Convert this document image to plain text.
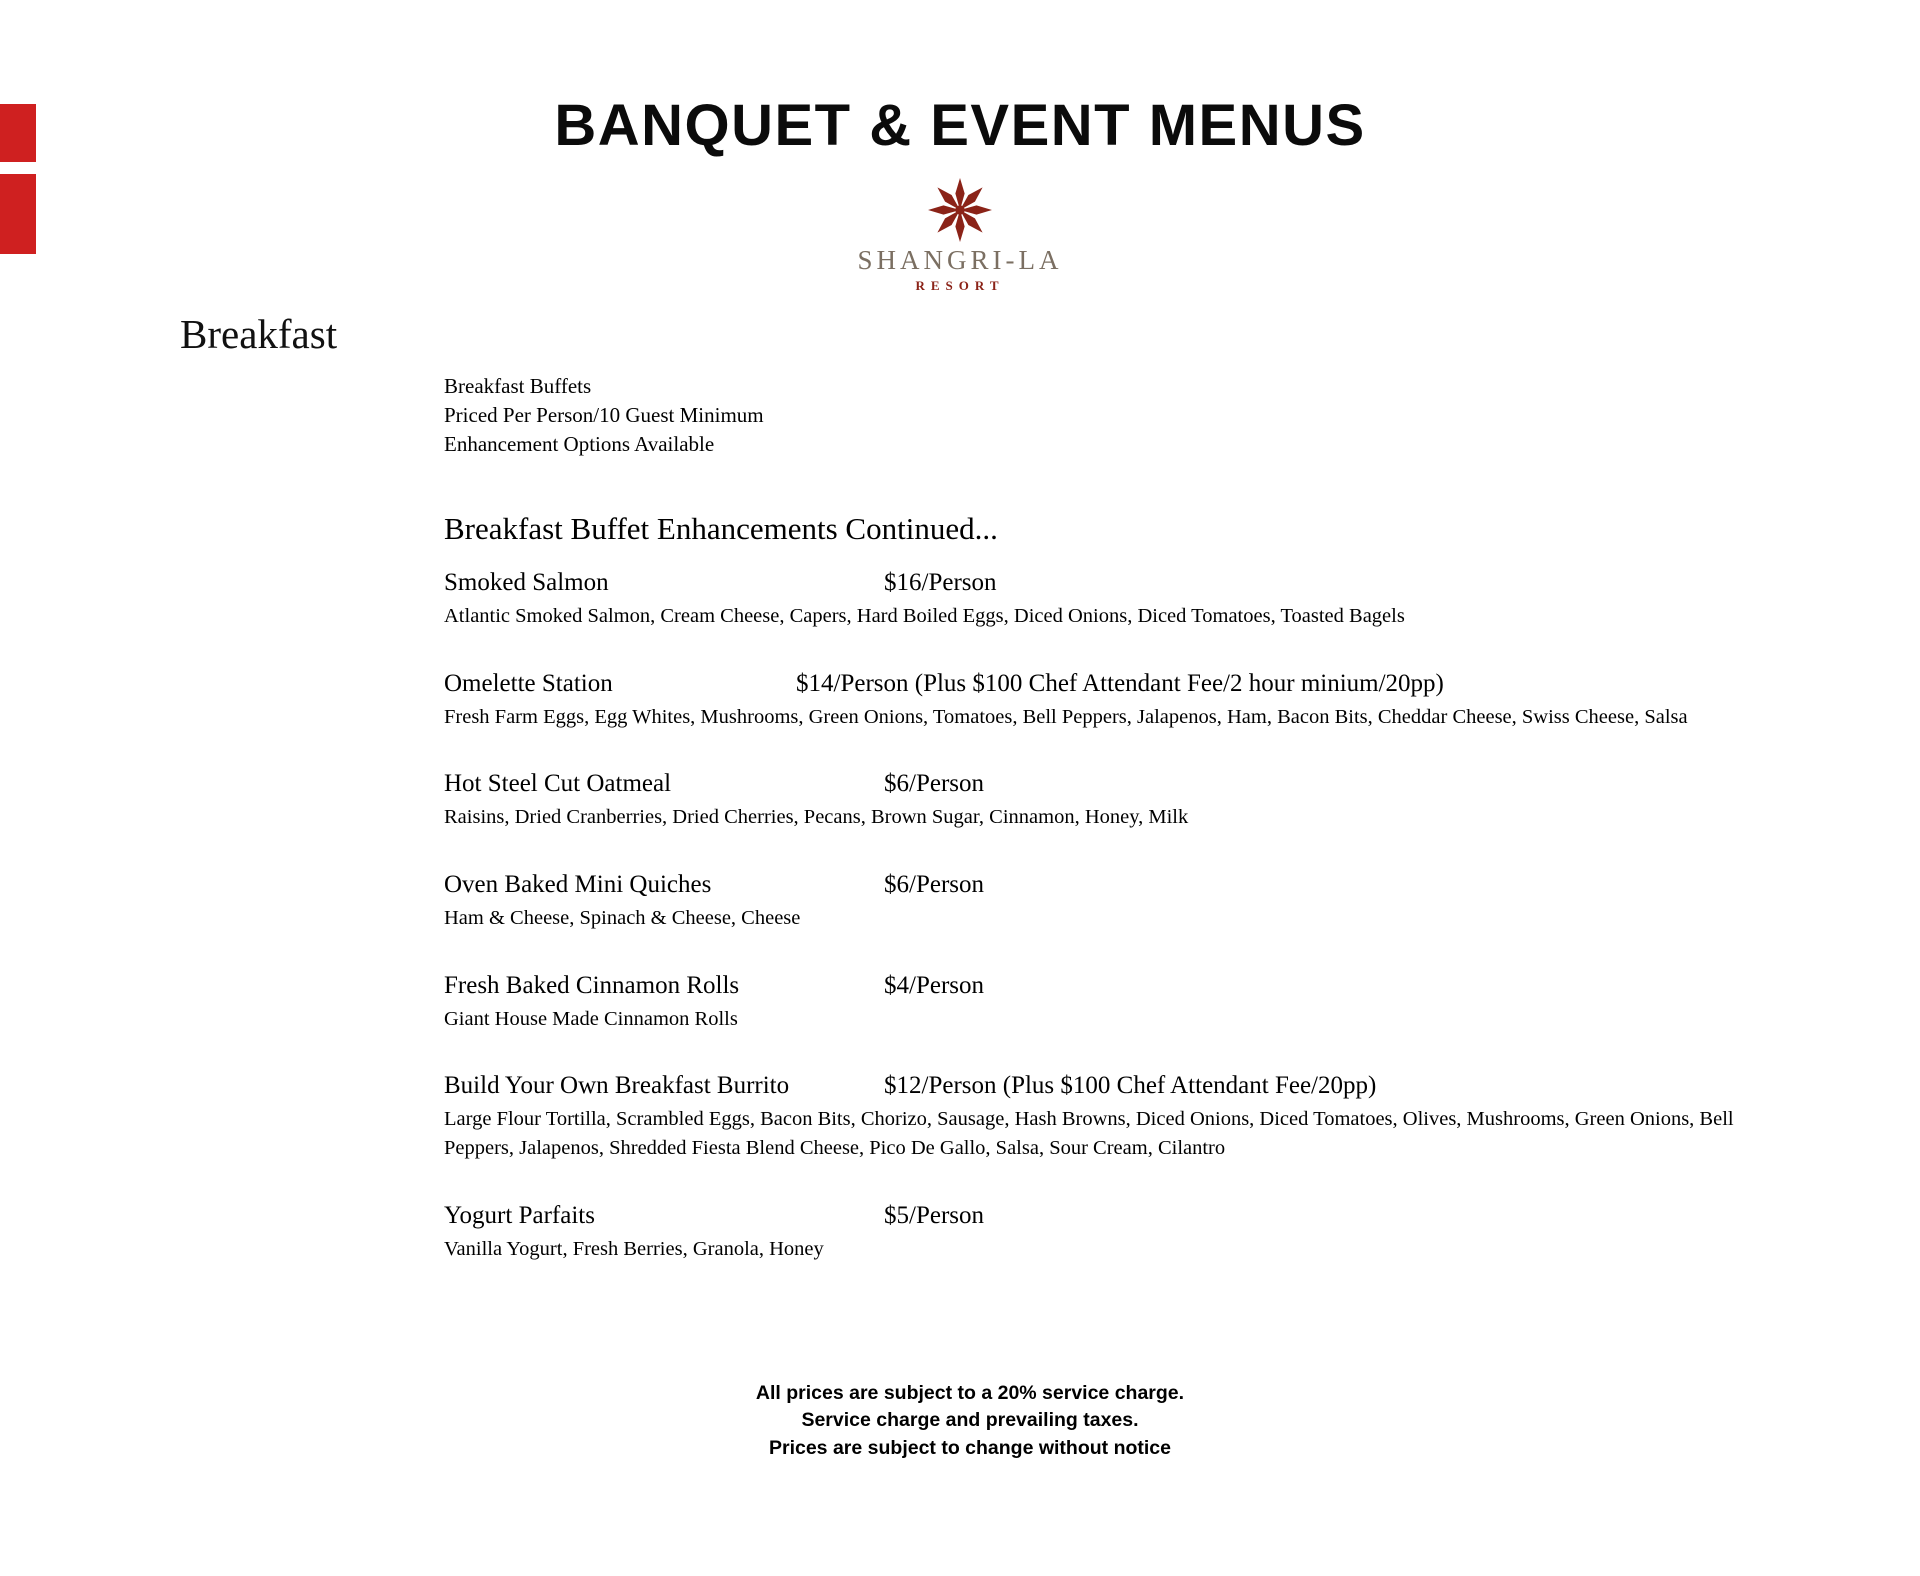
BANQUET & EVENT MENUS
SHANGRI-LA
RESORT
Breakfast
Breakfast Buffets
Priced Per Person/10 Guest Minimum
Enhancement Options Available
Breakfast Buffet Enhancements Continued...
Smoked Salmon	$16/Person
Atlantic Smoked Salmon, Cream Cheese, Capers, Hard Boiled Eggs, Diced Onions, Diced Tomatoes, Toasted Bagels
Omelette Station	$14/Person (Plus $100 Chef Attendant Fee/2 hour minium/20pp)
Fresh Farm Eggs, Egg Whites, Mushrooms, Green Onions, Tomatoes, Bell Peppers, Jalapenos, Ham, Bacon Bits, Cheddar Cheese, Swiss Cheese, Salsa
Hot Steel Cut Oatmeal	$6/Person
Raisins, Dried Cranberries, Dried Cherries, Pecans, Brown Sugar, Cinnamon, Honey, Milk
Oven Baked Mini Quiches	$6/Person
Ham & Cheese, Spinach & Cheese, Cheese
Fresh Baked Cinnamon Rolls	$4/Person
Giant House Made Cinnamon Rolls
Build Your Own Breakfast Burrito	$12/Person (Plus $100 Chef Attendant Fee/20pp)
Large Flour Tortilla, Scrambled Eggs, Bacon Bits, Chorizo, Sausage, Hash Browns, Diced Onions, Diced Tomatoes, Olives, Mushrooms, Green Onions, Bell Peppers, Jalapenos, Shredded Fiesta Blend Cheese, Pico De Gallo, Salsa, Sour Cream, Cilantro
Yogurt Parfaits	$5/Person
Vanilla Yogurt, Fresh Berries, Granola, Honey
All prices are subject to a 20% service charge.
Service charge and prevailing taxes.
Prices are subject to change without notice
